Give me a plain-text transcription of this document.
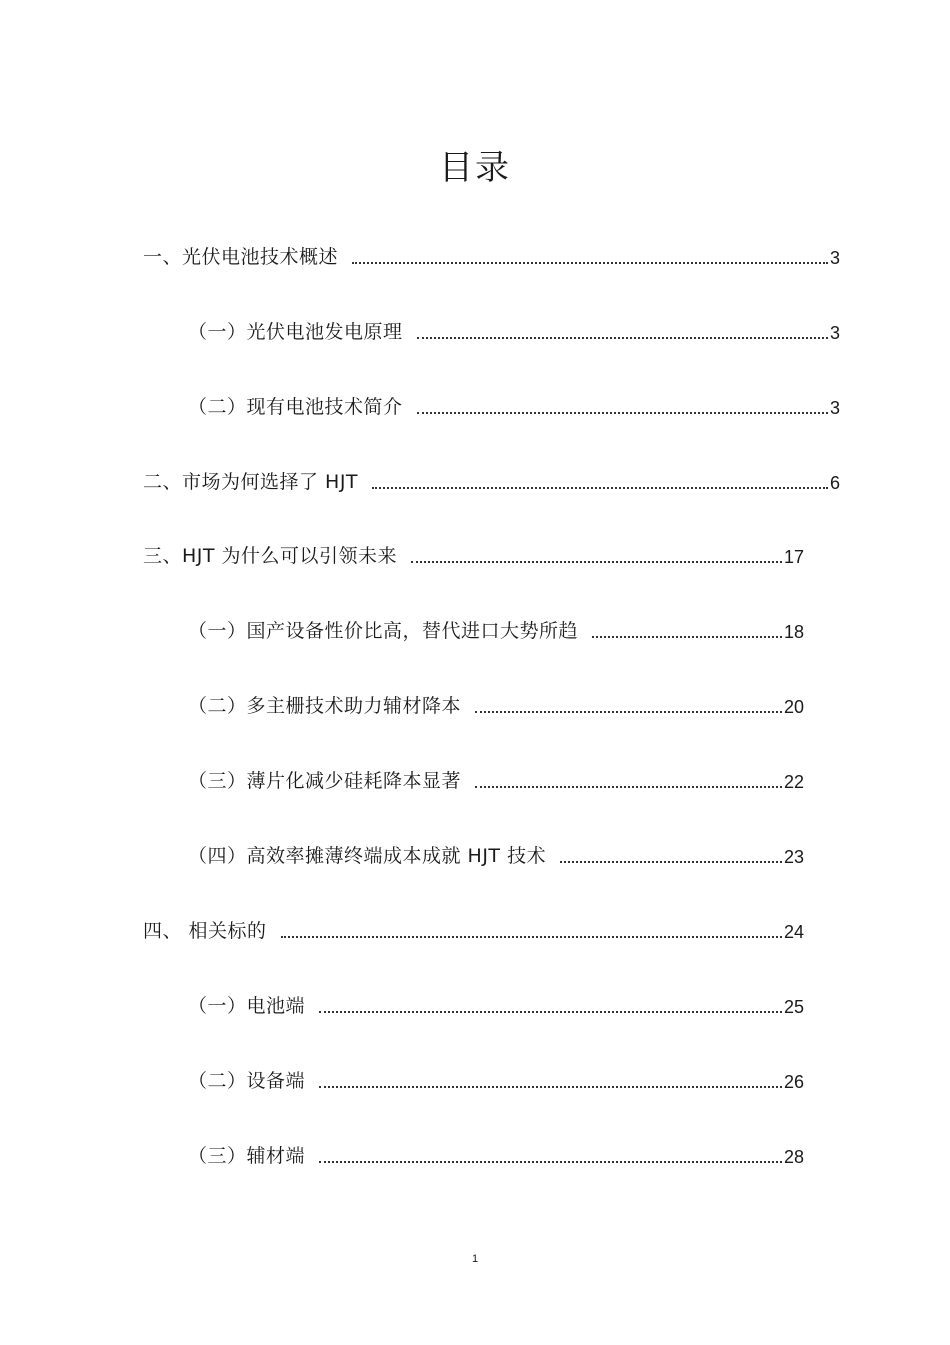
目录
一、光伏电池技术概述	3
（一）光伏电池发电原理	3
（二）现有电池技术简介	3
二、市场为何选择了 HJT	6
三、HJT 为什么可以引领未来	17
（一）国产设备性价比高，替代进口大势所趋	18
（二）多主栅技术助力辅材降本	20
（三）薄片化减少硅耗降本显著	22
（四）高效率摊薄终端成本成就 HJT 技术	23
四、 相关标的	24
（一）电池端	25
（二）设备端	26
（三）辅材端	28
1
